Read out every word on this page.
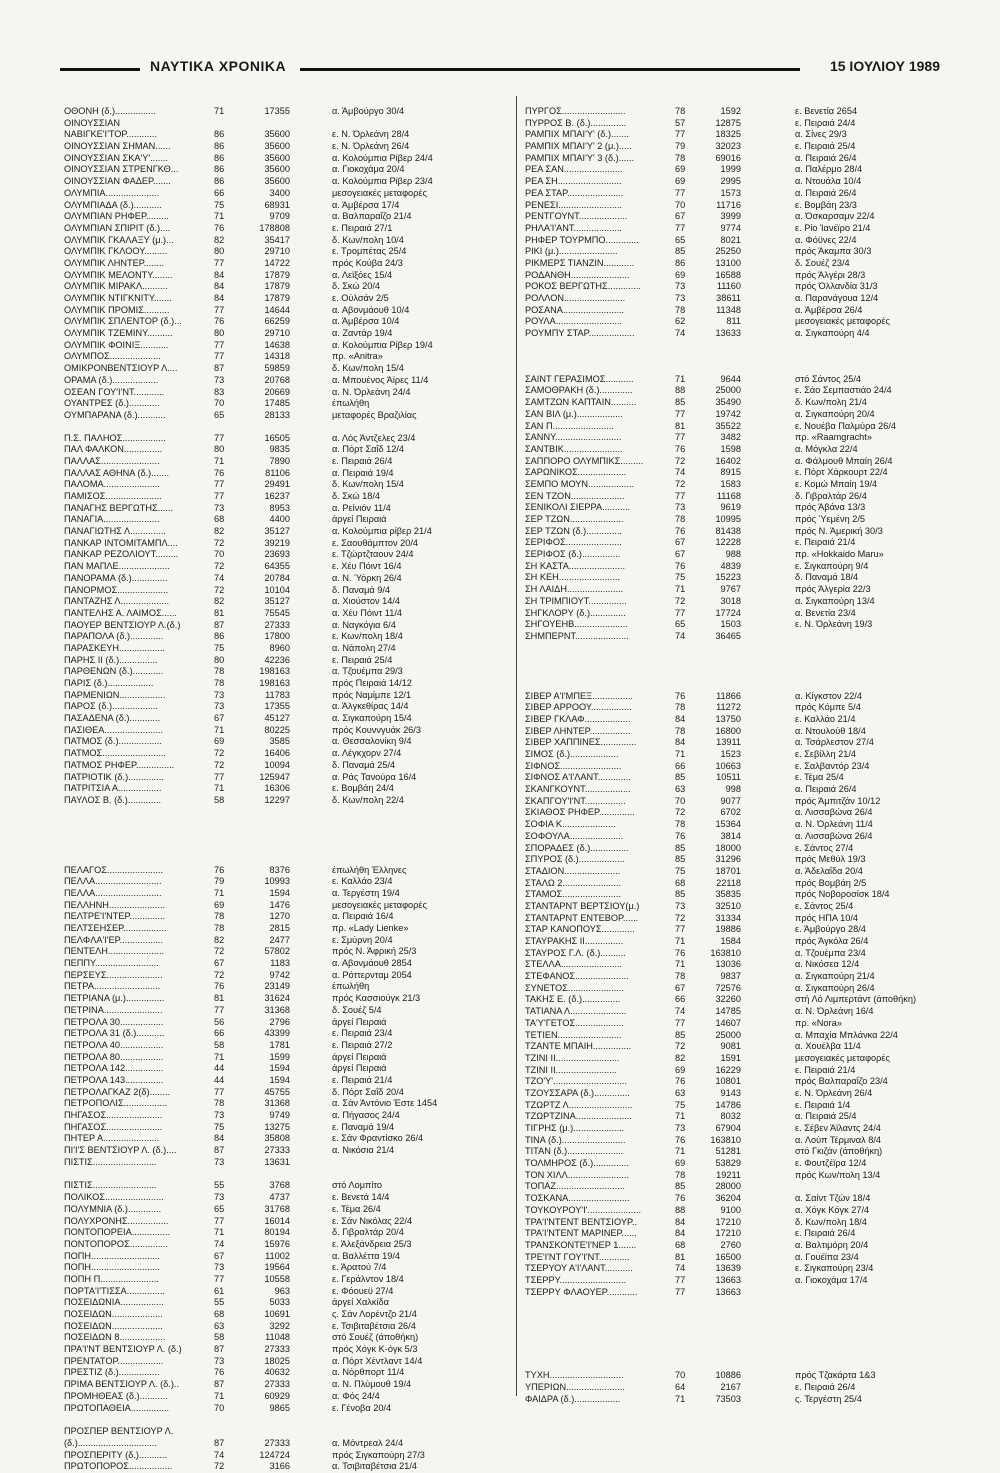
ΝΑΥΤΙΚΑ ΧΡΟΝΙΚΑ	15 ΙΟΥΛΙΟΥ 1989
ΟΘΟΝΗ (δ.)................	71	17355	α. Άμβούργο 30/4
ΟΙΝΟΥΣΣΙΑΝ
ΝΑΒΙΓΚΕ'Ι'ΤΟΡ............	86	35600	ε. Ν. Όρλεάνη 28/4
ΟΙΝΟΥΣΣΙΑΝ ΣΗΜΑΝ......	86	35600	ε. Ν. Όρλεάνη 26/4
ΟΙΝΟΥΣΣΙΑΝ ΣΚΑ'Υ'.......	86	35600	α. Κολούμπια Ρίβερ 24/4
ΟΙΝΟΥΣΣΙΑΝ ΣΤΡΕΝΓΚΘ...	86	35600	α. Γιοκοχάμα 20/4
ΟΙΝΟΥΣΣΙΑΝ ΦΑΔΕΡ.......	86	35600	α. Κολούμπια Ρίβερ 23/4
ΟΛΥΜΠΙΑ.....................	66	3400	μεσογειακές μεταφορές
ΟΛΥΜΠΙΑΔΑ (δ.)...........	75	68931	α. Άμβέρσα 17/4
ΟΛΥΜΠΙΑΝ ΡΗΦΕΡ.........	71	9709	α. Βαλπαραΐζο 21/4
ΟΛΥΜΠΙΑΝ ΣΠΙΡΙΤ (δ.)....	76	178808	ε. Πειραιά 27/1
ΟΛΥΜΠΙΚ ΓΚΑΛΑΞΥ (μ.)...	82	35417	δ. Κων/πολη 10/4
ΟΛΥΜΠΙΚ ΓΚΛΟΟΥ.........	80	29710	ε. Τρομπέτας 25/4
ΟΛΥΜΠΙΚ ΛΗΝΤΕΡ........	77	14722	πρός Κούβα 24/3
ΟΛΥΜΠΙΚ ΜΕΛΟΝΤΥ........	84	17879	α. Λεϊξόες 15/4
ΟΛΥΜΠΙΚ ΜΙΡΑΚΛ..........	84	17879	δ. Σκώ 20/4
ΟΛΥΜΠΙΚ ΝΤΙΓΚΝΙΤΥ.......	84	17879	ε. Ούλσάν 2/5
ΟΛΥΜΠΙΚ ΠΡΟΜΙΣ..........	77	14644	α. Αβονμάουθ 10/4
ΟΛΥΜΠΙΚ ΣΠΛΕΝΤΟΡ (δ.)...	76	66259	α. Άμβέρσα 10/4
ΟΛΥΜΠΙΚ ΤΖΕΜΙΝΥ..........	80	29710	α. Ζαντάρ 19/4
ΟΛΥΜΠΙΚ ΦΟΙΝΙΞ...........	77	14638	α. Κολούμπια Ρίβερ 19/4
ΟΛΥΜΠΟΣ....................	77	14318	πρ. «Anitra»
ΟΜΙΚΡΟΝΒΕΝΤΣΙΟΥΡ Λ....	87	59859	δ. Κων/πολη 15/4
ΟΡΑΜΑ (δ.)..................	73	20768	α. Μπουένος Άϊρες 11/4
ΟΣΕΑΝ ΓΟΥ'Ι'ΝΤ............	83	20669	α. Ν. Όρλεάνη 24/4
ΟΥΑΝΤΡΕΣ (δ.)............	70	17485	έπωλήθη
ΟΥΜΠΑΡΑΝΑ (δ.)...........	65	28133	μεταφορές Βραζιλίας
Π.Σ. ΠΑΛΗΟΣ.................	77	16505	α. Λός Άντζελες 23/4
ΠΑΛ ΦΑΛΚΟΝ...............	80	9835	α. Πόρτ Σαΐδ 12/4
ΠΑΛΛΑΣ.......................	71	7890	ε. Πειραιά 26/4
ΠΑΛΛΑΣ ΑΘΗΝΑ (δ.).......	76	81106	α. Πειραιά 19/4
ΠΑΛΟΜΑ......................	77	29491	δ. Κων/πολη 15/4
ΠΑΜΙΣΟΣ......................	77	16237	δ. Σκώ 18/4
ΠΑΝΑΓΗΣ ΒΕΡΓΩΤΗΣ......	73	8953	α. Ρείνιόν 11/4
ΠΑΝΑΓΙΑ......................	68	4400	άργεί Πειραιά
ΠΑΝΑΓΙΩΤΗΣ Λ..............	82	35127	α. Κολούμπια ρίβερ 21/4
ΠΑΝΚΑΡ ΙΝΤΟΜΙΤΑΜΠΛ....	72	39219	ε. Σαουθάμπτον 20/4
ΠΑΝΚΑΡ ΡΕΖΟΛΙΟΥΤ.........	70	23693	ε. Τζώρτζταουν 24/4
ΠΑΝ ΜΑΠΛΕ....................	72	64355	ε. Χέυ Πόιντ 16/4
ΠΑΝΟΡΑΜΑ (δ.)..............	74	20784	α. Ν. Ύόρκη 26/4
ΠΑΝΟΡΜΟΣ....................	72	10104	δ. Παναμά 9/4
ΠΑΝΤΑΖΗΣ Λ...................	82	35127	α. Χιούστον 14/4
ΠΑΝΤΕΛΗΣ Α. ΛΑΙΜΟΣ......	81	75545	α. Χέυ Πόιντ 11/4
ΠΑΟΥΕΡ ΒΕΝΤΣΙΟΥΡ Λ.(δ.)	87	27333	α. Ναγκόγια 6/4
ΠΑΡΑΠΟΛΑ (δ.).............	86	17800	ε. Κων/πολη 18/4
ΠΑΡΑΣΚΕΥΗ..................	75	8960	α. Νάπολη 27/4
ΠΑΡΗΣ ΙΙ (δ.)...............	80	42236	ε. Πειραιά 25/4
ΠΑΡΘΕΝΩΝ (δ.)............	78	198163	α. Τζουέμπα 29/3
ΠΑΡΙΣ (δ.)..................	78	198163	πρός Πειραιά 14/12
ΠΑΡΜΕΝΙΩΝ..................	73	11783	πρός Ναμίμπε 12/1
ΠΑΡΟΣ (δ.)..................	73	17355	α. Άλγκεθίρας 14/4
ΠΑΣΑΔΕΝΑ (δ.)............	67	45127	α. Σιγκαπούρη 15/4
ΠΑΣΙΘΕΑ.......................	71	80225	πρός Κουννγυάκ 26/3
ΠΑΤΜΟΣ (δ.).................	69	3585	α. Θεσσαλονίκη 9/4
ΠΑΤΜΟΣ.........................	72	16406	α. Λέγκχορν 27/4
ΠΑΤΜΟΣ ΡΗΦΕΡ...............	72	10094	δ. Παναμά 25/4
ΠΑΤΡΙΟΤΙΚ (δ.)..............	77	125947	α. Ράς Τανούρα 16/4
ΠΑΤΡΙΤΣΙΑ Α.................	71	16306	ε. Βομβάη 24/4
ΠΑΥΛΟΣ Β. (δ.).............	58	12297	δ. Κων/πολη 22/4
ΠΕΛΑΓΟΣ......................	76	8376	έπωλήθη Έλληνες
ΠΕΛΛΑ..........................	79	10993	ε. Καλλάο 23/4
ΠΕΛΛΑ..........................	71	1594	α. Τεργέστη 19/4
ΠΕΛΛΗΝΗ......................	69	1476	μεσογειακές μεταφορές
ΠΕΛΤΡΕ'Ι'ΝΤΕΡ..............	78	1270	α. Πειραιά 16/4
ΠΕΛΤΣΕΗΣΕΡ.................	78	2815	πρ. «Lady Lienke»
ΠΕΛΦΛΑ'Ι'ΕΡ.................	82	2477	ε. Σμύρνη 20/4
ΠΕΝΤΕΛΗ......................	72	57802	πρός Ν. Άφρική 25/3
ΠΕΠΠΥ.........................	67	1183	α. Αβονμάουθ 2854
ΠΕΡΣΕΥΣ......................	72	9742	α. Ρόττερνταμ 2054
ΠΕΤΡΑ..........................	76	23149	έπωλήθη
ΠΕΤΡΙΑΝΑ (μ.)...............	81	31624	πρός Κασσιούγκ 21/3
ΠΕΤΡΙΝΑ.......................	77	31368	δ. Σουέζ 5/4
ΠΕΤΡΟΛΑ 30.................	56	2796	άργεί Πειραιά
ΠΕΤΡΟΛΑ 31 (δ.)...........	66	43399	ε. Πειραιά 23/4
ΠΕΤΡΟΛΑ 40.................	58	1781	ε. Πειραιά 27/2
ΠΕΤΡΟΛΑ 80.................	71	1599	άργεί Πειραιά
ΠΕΤΡΟΛΑ 142...............	44	1594	άργεί Πειραιά
ΠΕΤΡΟΛΑ 143...............	44	1594	ε. Πειραιά 21/4
ΠΕΤΡΟΛΑΓΚΑΖ 2(δ)........	77	45755	δ. Πόρτ Σαΐδ 20/4
ΠΕΤΡΟΠΟΛΙΣ.................	78	31368	α. Σάν Άντόνιο Έστε 1454
ΠΗΓΑΣΟΣ......................	73	9749	α. Πήγασος 24/4
ΠΗΓΑΣΟΣ......................	75	13275	ε. Παναμά 19/4
ΠΗΤΕΡ Α......................	84	35808	ε. Σάν Φραντίσκο 26/4
ΠΙ'Ι'Σ ΒΕΝΤΣΙΟΥΡ Λ. (δ.)....	87	27333	α. Νικόσια 21/4
ΠΙΣΤΙΣ.........................	73	13631
ΠΙΣΤΙΣ.........................	55	3768	στό Λομπίτο
ΠΟΛΙΚΟΣ.......................	73	4737	ε. Βενετά 14/4
ΠΟΛΥΜΝΙΑ (δ.).............	65	31768	ε. Τέμα 26/4
ΠΟΛΥΧΡΟΝΗΣ................	77	16014	ε. Σάν Νικόλας 22/4
ΠΟΝΤΟΠΟΡΕΙΑ...............	71	80194	δ. Γιβραλτάρ 20/4
ΠΟΝΤΟΠΟΡΟΣ...............	74	15976	ε. Άλεξάνδρεια 25/3
ΠΟΠΗ...........................	67	11002	α. Βαλλέττα 19/4
ΠΟΠΗ...........................	73	19564	ε. Άρατού 7/4
ΠΟΠΗ Π.......................	77	10558	ε. Γεράλντον 18/4
ΠΟΡΤΑ'Ι'ΤΙΣΣΑ...............	61	963	ε. Φόουεϋ 27/4
ΠΟΣΕΙΔΩΝΙΑ.................	55	5033	άργεί Χαλκίδα
ΠΟΣΕΙΔΩΝ....................	68	10691	ς. Σάν Λορέντζο 21/4
ΠΟΣΕΙΔΩΝ....................	63	3292	ε. Τσιβιταβέτσια 26/4
ΠΟΣΕΙΔΩΝ 8..................	58	11048	στό Σουέζ (άποθήκη)
ΠΡΑ'Ι'ΝΤ ΒΕΝΤΣΙΟΥΡ Λ. (δ.)	87	27333	πρός Χόγκ Κ-όγκ 5/3
ΠΡΕΝΤΑΤΟΡ..................	73	18025	α. Πόρτ Χέντλαντ 14/4
ΠΡΕΣΤΙΖ (δ.)................	76	40632	α. Νόρθπορτ 11/4
ΠΡΙΜΑ ΒΕΝΤΣΙΟΥΡ Λ. (δ.)..	87	27333	α. Ν. Πλύμουθ 19/4
ΠΡΟΜΗΘΕΑΣ (δ.)...........	71	60929	α. Φός 24/4
ΠΡΩΤΟΠΑΘΕΙΑ...............	70	9865	ε. Γένοβα 20/4
ΠΡΟΣΠΕΡ ΒΕΝΤΣΙΟΥΡ Λ.
(δ.)...............................	87	27333	α. Μόντρεαλ 24/4
ΠΡΟΣΠΕΡΙΤΥ (δ.)...........	74	124724	πρός Σιγκαπούρη 27/3
ΠΡΩΤΟΠΟΡΟΣ.................	72	3166	α. Τσιβιταβέτσια 21/4
ΠΥΡΓΟΣ.........................	78	1592	ε. Βενετία 2654
ΠΥΡΡΟΣ Β. (δ.)..............	57	12875	ε. Πειραιά 24/4
ΡΑΜΠΙΧ ΜΠΑΙ'Υ' (δ.).......	77	18325	α. Σίνες 29/3
ΡΑΜΠΙΧ ΜΠΑΙ'Υ' 2 (μ.).....	79	32023	ε. Πειραιά 25/4
ΡΑΜΠΙΧ ΜΠΑΙ'Υ' 3 (δ.)......	78	69016	α. Πειραιά 26/4
ΡΕΑ ΣΑΝ.......................	69	1999	α. Παλέρμο 28/4
ΡΕΑ ΣΗ.........................	69	2995	α. Ντουάλα 10/4
ΡΕΑ ΣΤΑΡ......................	77	1573	α. Πειραιά 26/4
ΡΕΝΕΣΙ.........................	70	11716	ε. Βομβάη 23/3
ΡΕΝΤΓΟΥΝΤ...................	67	3999	α. Όσκαρσαμν 22/4
ΡΗΛΑ'Ι'ΑΝΤ...................	77	9774	ε. Ρίο Ίανέϊρο 21/4
ΡΗΦΕΡ ΤΟΥΡΜΠΟ.............	65	8021	α. Φόϋνες 22/4
ΡΙΚΙ (μ.).......................	85	25250	πρός Άκαμπα 30/3
ΡΙΚΜΕΡΣ ΤΙΑΝΖΙΝ............	86	13100	δ. Σουέζ 23/4
ΡΟΔΑΝΘΗ.......................	69	16588	πρός Άλγέρι 28/3
ΡΟΚΟΣ ΒΕΡΓΩΤΗΣ.............	73	11160	πρός Όλλανδία 31/3
ΡΟΛΛΟΝ........................	73	38611	α. Παρανάγουα 12/4
ΡΟΣΑΝΑ........................	78	11348	α. Άμβέρσα 26/4
ΡΟΥΛΑ..........................	62	811	μεσογειακές μεταφορές
ΡΟΥΜΠΥ ΣΤΑΡ..................	74	13633	α. Σιγκαπούρη 4/4
ΣΑΙΝΤ ΓΕΡΑΣΙΜΟΣ...........	71	9644	στό Σάντος 25/4
ΣΑΜΟΘΡΑΚΗ (δ.).............	88	25000	ε. Σάο Σεμπαστιάο 24/4
ΣΑΜΤΖΩΝ ΚΑΠΤΑΙΝ..........	85	35490	δ. Κων/πολη 21/4
ΣΑΝ ΒΙΛ (μ.)..................	77	19742	α. Σιγκαπούρη 20/4
ΣΑΝ Π........................	81	35522	ε. Νουέβα Παλμύρα 26/4
ΣΑΝΝΥ..........................	77	3482	πρ. «Raamgracht»
ΣΑΝΤΒΙΚ.......................	76	1598	α. Μόγκλα 22/4
ΣΑΠΠΟΡΟ ΟΛΥΜΠΙΚΣ.........	72	16402	α. Φάλμουθ Μπαίη 26/4
ΣΑΡΩΝΙΚΟΣ...................	74	8915	ε. Πόρτ Χάρκουρτ 22/4
ΣΕΜΠΟ ΜΟΥΝ..................	72	1583	ε. Κομώ Μπαίη 19/4
ΣΕΝ ΤΖΟΝ.....................	77	11168	δ. Γιβραλτάρ 26/4
ΣΕΝΙΚΟΛΙ ΣΙΕΡΡΑ...........	73	9619	πρός Άβάνα 13/3
ΣΕΡ ΤΖΩΝ.....................	78	10995	πρός Ύεμένη 2/5
ΣΕΡ ΤΖΩΝ (δ.)..............	76	81438	πρός Ν. Άμερική 30/3
ΣΕΡΙΦΟΣ......................	67	12228	ε. Πειραιά 21/4
ΣΕΡΙΦΟΣ (δ.)...............	67	988	πρ. «Hokkaido Maru»
ΣΗ ΚΑΣΤΑ......................	76	4839	ε. Σιγκαπούρη 9/4
ΣΗ ΚΕΗ........................	75	15223	δ. Παναμά 18/4
ΣΗ ΛΑΙΔΗ......................	71	9767	πρός Άλγερία 22/3
ΣΗ ΤΡΙΜΠΙΟΥΤ...............	72	3018	α. Σιγκαπούρη 13/4
ΣΗΓΚΛΟΡΥ (δ.)..............	77	17724	α. Βενετία 23/4
ΣΗΓΟΥΕΗΒ.....................	65	1503	ε. Ν. Όρλεάνη 19/3
ΣΗΜΠΕΡΝΤ.....................	74	36465
ΣΙΒΕΡ Α'Ι'ΜΠΕΞ................	76	11866	α. Κίγκστον 22/4
ΣΙΒΕΡ ΑΡΡΟΟΥ................	78	11272	πρός Κόμπε 5/4
ΣΙΒΕΡ ΓΚΛΑΦ..................	84	13750	ε. Καλλάο 21/4
ΣΙΒΕΡ ΛΗΝΤΕΡ................	78	16800	α. Ντουλούθ 18/4
ΣΙΒΕΡ ΧΑΠΠΙΝΕΣ..............	84	13911	α. Τσάρλεστον 27/4
ΣΙΜΟΣ (δ.)...................	71	1523	ε. Σεβίλλη 21/4
ΣΙΦΝΟΣ........................	66	10663	ε. Σαλβαντόρ 23/4
ΣΙΦΝΟΣ Α'Ι'ΛΑΝΤ.............	85	10511	ε. Τέμα 25/4
ΣΚΑΝΓΚΟΥΝΤ..................	63	998	α. Πειραιά 26/4
ΣΚΑΠΓΟΥ'Ι'ΝΤ................	70	9077	πρός Άμπιτζάν 10/12
ΣΚΙΑΘΟΣ ΡΗΦΕΡ..............	72	6702	α. Λισσαβώνα 26/4
ΣΟΦΙΑ Κ.....................	78	15364	α. Ν. Όρλεάνη 11/4
ΣΟΦΟΥΛΑ.....................	76	3814	α. Λισσαβώνα 26/4
ΣΠΟΡΑΔΕΣ (δ.)...............	85	18000	ε. Σάντος 27/4
ΣΠΥΡΟΣ (δ.)..................	85	31296	πρός Μεθύλ 19/3
ΣΤΑΔΙΟΝ......................	75	18701	α. Άδελαΐδα 20/4
ΣΤΑΛΩ 2.......................	68	22118	πρός Βομβάη 2/5
ΣΤΑΜΟΣ.......................	85	35835	πρός Νοβοροσίσκ 18/4
ΣΤΑΝΤΑΡΝΤ ΒΕΡΤΣΙΟΥ(μ.)	73	32510	ε. Σάντος 25/4
ΣΤΑΝΤΑΡΝΤ ΕΝΤΕΒΟΡ......	72	31334	πρός ΗΠΑ 10/4
ΣΤΑΡ ΚΑΝΟΠΟΥΣ.............	77	19886	ε. Άμβούργο 28/4
ΣΤΑΥΡΑΚΗΣ ΙΙ...............	71	1584	πρός Άγκόλα 26/4
ΣΤΑΥΡΟΣ Γ.Λ. (δ.)..........	76	163810	α. Τζουέμπα 23/4
ΣΤΕΛΛΑ........................	71	13036	α. Νικόσεα 12/4
ΣΤΕΦΑΝΟΣ.....................	78	9837	α. Σιγκαπούρη 21/4
ΣΥΝΕΤΟΣ......................	67	72576	α. Σιγκαπούρη 26/4
ΤΑΚΗΣ Ε. (δ.)...............	66	32260	στή Λό Λιμπερτάντ (άποθήκη)
ΤΑΤΙΑΝΑ Λ......................	74	14785	α. Ν. Όρλεάνη 16/4
ΤΑ'Υ'ΓΕΤΟΣ...................	77	14607	πρ. «Nora»
ΤΕΤΙΕΝ.........................	85	25000	α. Μπαχία Μπλάνκα 22/4
ΤΖΑΝΤΕ ΜΠΑΙΗ...............	72	9081	α. Χουέλβα 11/4
ΤΖΙΝΙ ΙΙ.........................	82	1591	μεσογειακές μεταφορές
ΤΖΙΝΙ ΙΙ........................	69	16229	ε. Πειραιά 21/4
ΤΖΟ'Υ'.............................	76	10801	πρός Βαλπαραΐζο 23/4
ΤΖΟΥΣΣΑΡΑ (δ.)..............	63	9143	ε. Ν. Όρλεάνη 26/4
ΤΖΩΡΤΖ Λ.........................	75	14786	ε. Πειραιά 1/4
ΤΖΩΡΤΖΙΝΑ......................	71	8032	α. Πειραιά 25/4
ΤΙΓΡΗΣ (μ.)....................	73	67904	ε. Σέβεν Άϊλαντς 24/4
ΤΙΝΑ (δ.).........................	76	163810	α. Λούπ Τέρμιναλ 8/4
ΤΙΤΑΝ (δ.)......................	71	51281	στό Γκιζάν (άποθήκη)
ΤΟΛΜΗΡΟΣ (δ.)..............	69	53829	ε. Φουτζέϊρα 12/4
ΤΟΝ ΧΙΛΛ........................	78	19211	πρός Κων/πολη 13/4
ΤΟΠΑΖ...........................	85	28000
ΤΟΣΚΑΝΑ........................	76	36204	α. Σαίντ Τζών 18/4
ΤΟΥΚΟΥΡΟΥ'Ι'.....................	88	9100	α. Χόγκ Κόγκ 27/4
ΤΡΑ'Ι'ΝΤΕΝΤ ΒΕΝΤΣΙΟΥΡ..	84	17210	δ. Κων/πολη 18/4
ΤΡΑ'Ι'ΝΤΕΝΤ ΜΑΡΙΝΕΡ......	84	17210	ε. Πειραιά 26/4
ΤΡΑΝΣΚΟΝΤΕ'Ι'ΝΕΡ 1.......	68	2760	α. Βαλτιμόρη 20/4
ΤΡΕ'Ι'ΝΤ ΓΟΥ'Ι'ΝΤ............	81	16500	α. Γουέϊπα 23/4
ΤΣΕΡΥΟΥ Α'Ι'ΛΑΝΤ...........	74	13639	ε. Σιγκαπούρη 23/4
ΤΣΕΡΡΥ..........................	77	13663	α. Γιοκοχάμα 17/4
ΤΣΕΡΡΥ ΦΛΑΟΥΕΡ............	77	13663
ΤΥΧΗ.............................	70	10886	πρός Τζακάρτα 1&3
ΥΠΕΡΙΩΝ.......................	64	2167	ε. Πειραιά 26/4
ΦΑΙΔΡΑ (δ.)..................	71	73503	ς. Τεργέστη 25/4
